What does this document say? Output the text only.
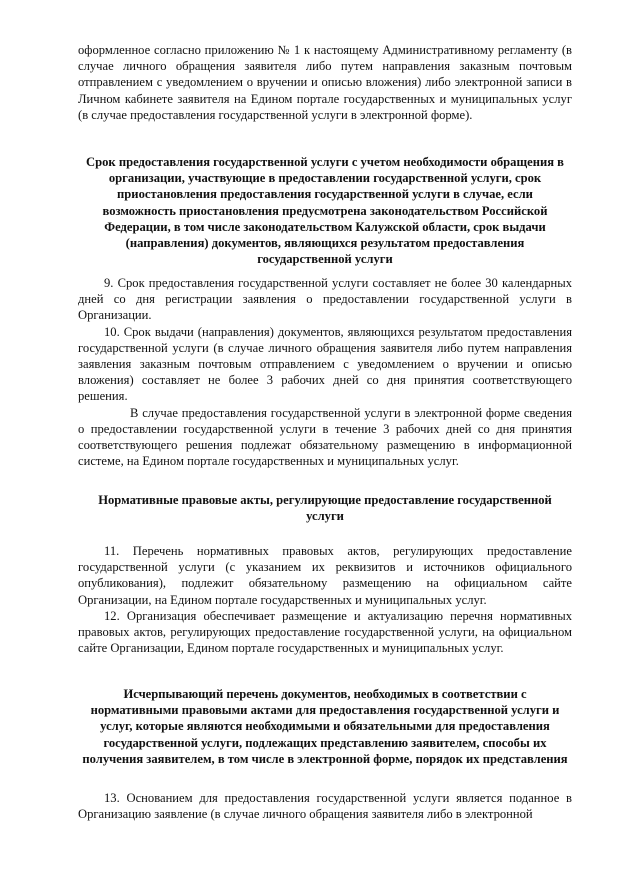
оформленное согласно приложению № 1 к настоящему Административному регламенту (в случае личного обращения заявителя либо путем направления заказным почтовым отправлением с уведомлением о вручении и описью вложения) либо электронной записи в Личном кабинете заявителя на Едином портале государственных и муниципальных услуг (в случае предоставления государственной услуги в электронной форме).

Срок предоставления государственной услуги с учетом необходимости обращения в организации, участвующие в предоставлении государственной услуги, срок приостановления предоставления государственной услуги в случае, если возможность приостановления предусмотрена законодательством Российской Федерации, в том числе законодательством Калужской области, срок выдачи (направления) документов, являющихся результатом предоставления государственной услуги

9. Срок предоставления государственной услуги составляет не более 30 календарных дней со дня регистрации заявления о предоставлении государственной услуги в Организации.

10. Срок выдачи (направления) документов, являющихся результатом предоставления государственной услуги (в случае личного обращения заявителя либо путем направления заявления заказным почтовым отправлением с уведомлением о вручении и описью вложения) составляет не более 3 рабочих дней со дня принятия соответствующего решения.

В случае предоставления государственной услуги в электронной форме сведения о предоставлении государственной услуги в течение 3 рабочих дней со дня принятия соответствующего решения подлежат обязательному размещению в информационной системе, на Едином портале государственных и муниципальных услуг.

Нормативные правовые акты, регулирующие предоставление государственной услуги

11. Перечень нормативных правовых актов, регулирующих предоставление государственной услуги (с указанием их реквизитов и источников официального опубликования), подлежит обязательному размещению на официальном сайте Организации, на Едином портале государственных и муниципальных услуг.

12. Организация обеспечивает размещение и актуализацию перечня нормативных правовых актов, регулирующих предоставление государственной услуги, на официальном сайте Организации, Едином портале государственных и муниципальных услуг.

Исчерпывающий перечень документов, необходимых в соответствии с нормативными правовыми актами для предоставления государственной услуги и услуг, которые являются необходимыми и обязательными для предоставления государственной услуги, подлежащих представлению заявителем, способы их получения заявителем, в том числе в электронной форме, порядок их представления

13. Основанием для предоставления государственной услуги является поданное в Организацию заявление (в случае личного обращения заявителя либо в электронной
